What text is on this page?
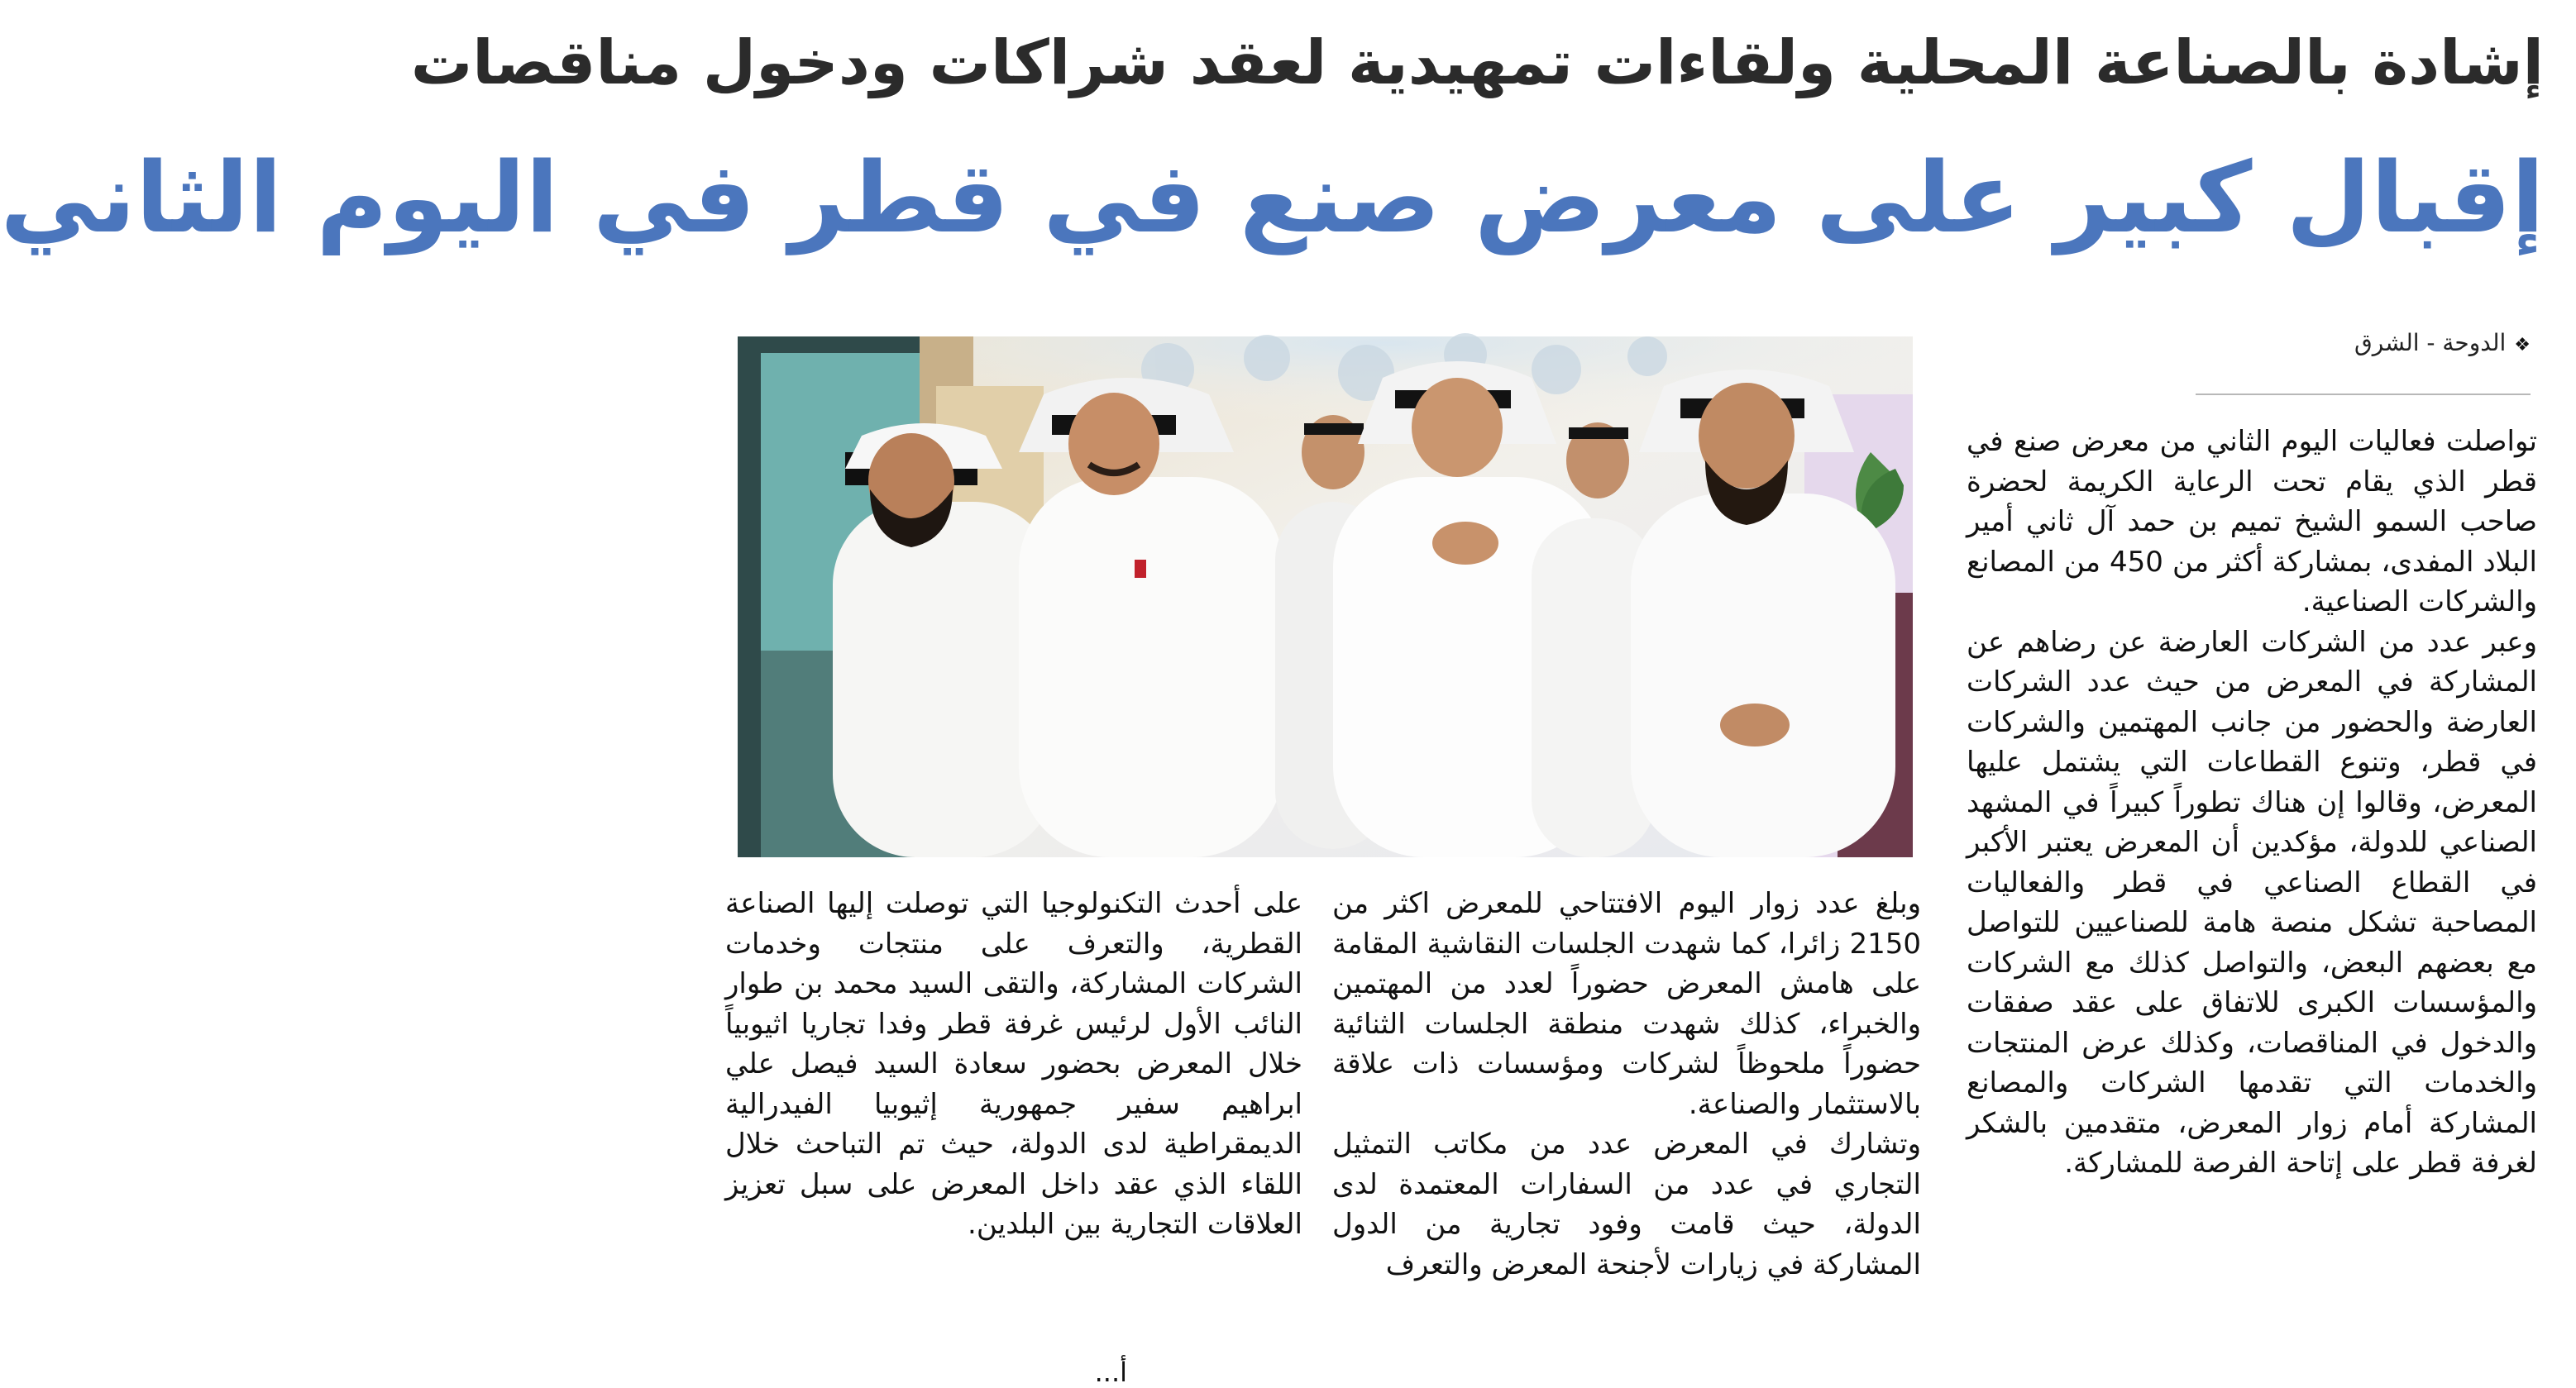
إشادة بالصناعة المحلية ولقاءات تمهيدية لعقد شراكات ودخول مناقصات
إقبال كبير على معرض صنع في قطر في اليوم الثاني
❖الدوحة - الشرق

تواصلت فعاليات اليوم الثاني من معرض صنع في قطر الذي يقام تحت الرعاية الكريمة لحضرة صاحب السمو الشيخ تميم بن حمد آل ثاني أمير البلاد المفدى، بمشاركة أكثر من 450 من المصانع والشركات الصناعية.

وعبر عدد من الشركات العارضة عن رضاهم عن المشاركة في المعرض من حيث عدد الشركات العارضة والحضور من جانب المهتمين والشركات في قطر، وتنوع القطاعات التي يشتمل عليها المعرض، وقالوا إن هناك تطوراً كبيراً في المشهد الصناعي للدولة، مؤكدين أن المعرض يعتبر الأكبر في القطاع الصناعي في قطر والفعاليات المصاحبة تشكل منصة هامة للصناعيين للتواصل مع بعضهم البعض، والتواصل كذلك مع الشركات والمؤسسات الكبرى للاتفاق على عقد صفقات والدخول في المناقصات، وكذلك عرض المنتجات والخدمات التي تقدمها الشركات والمصانع المشاركة أمام زوار المعرض، متقدمين بالشكر لغرفة قطر على إتاحة الفرصة للمشاركة.

وبلغ عدد زوار اليوم الافتتاحي للمعرض اكثر من 2150 زائرا، كما شهدت الجلسات النقاشية المقامة على هامش المعرض حضوراً لعدد من المهتمين والخبراء، كذلك شهدت منطقة الجلسات الثنائية حضوراً ملحوظاً لشركات ومؤسسات ذات علاقة بالاستثمار والصناعة.

وتشارك في المعرض عدد من مكاتب التمثيل التجاري في عدد من السفارات المعتمدة لدى الدولة، حيث قامت وفود تجارية من الدول المشاركة في زيارات لأجنحة المعرض والتعرف

على أحدث التكنولوجيا التي توصلت إليها الصناعة القطرية، والتعرف على منتجات وخدمات الشركات المشاركة، والتقى السيد محمد بن طوار النائب الأول لرئيس غرفة قطر وفدا تجاريا اثيوبياً خلال المعرض بحضور سعادة السيد فيصل علي ابراهيم سفير جمهورية إثيوبيا الفيدرالية الديمقراطية لدى الدولة، حيث تم التباحث خلال اللقاء الذي عقد داخل المعرض على سبل تعزيز العلاقات التجارية بين البلدين.

أ...
